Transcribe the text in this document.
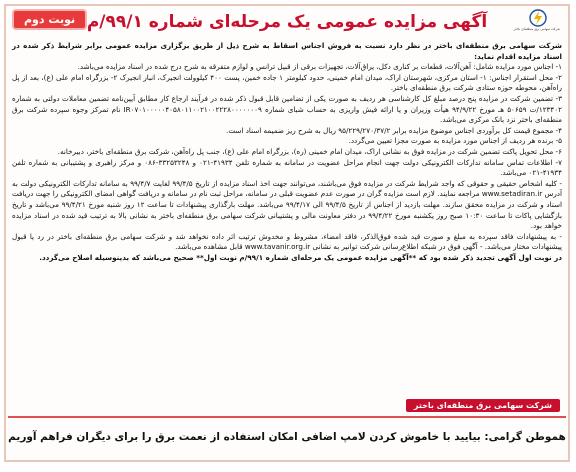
شرکت سهامی برق منطقه‌ای باختر
آگهی مزایده عمومی یک مرحله‌ای شماره ۹۹/۱/م
نوبت دوم

شرکت سهامی برق منطقه‌ای باختر در نظر دارد نسبت به فروش اجناس اسقاط به شرح ذیل از طریق برگزاری مزایده عمومی برابر شرایط ذکر شده در اسناد مزایده اقدام نماید:

۱- اجناس مورد مزایده شامل: آهن‌آلات، قطعات بر کناری دکل، یراق‌آلات، تجهیزات برقی از قبیل ترانس و لوازم متفرقه به شرح درج شده در اسناد مزایده می‌باشد.

۲- محل استقرار اجناس: ۱- استان مرکزی، شهرستان اراک، میدان امام خمینی، حدود کیلومتر ۱ جاده خمین، پست ۴۰۰ کیلوولت انجیرک، انبار انجیرک ۲- بزرگراه امام علی (ع)، بعد از پل راه‌آهن، محوطه حوزه ستادی شرکت برق منطقه‌ای باختر.

۳- تضمین شرکت در مزایده پنج درصد مبلغ کل کارشناسی هر ردیف به صورت یکی از تضامین قابل قبول ذکر شده در فرآیند ارجاع کار مطابق آیین‌نامه تضمین معاملات دولتی به شماره ۱۲۳۴۰۲/ت ۵۰۶۵۹ هـ مورخ ۹۴/۹/۲۲ هیأت وزیران و یا ارائه فیش واریزی به حساب شبای شماره IR۰۷۰۱۰۰۰۰۰۴۰۵۸۰۱۱۰۰۲۱۰۰۲۲۲۸۰۰۰۰۰۰۰۹ نام تمرکز وجوه سپرده شرکت برق منطقه‌ای باختر نزد بانک مرکزی می‌باشد.

۴- مجموع قیمت کل برآوردی اجناس موضوع مزایده برابر ۹۵/۲۲۹/۲۷۰/۳۷/۲ ریال به شرح ریز ضمیمه اسناد است.

۵- برنده هر ردیف از اجناس مورد مزایده به صورت مجزا تعیین می‌گردد.

۶- محل تحویل پاکت تضمین شرکت در مزایده فوق به نشانی اراک، میدان امام خمینی (ره)، بزرگراه امام علی (ع)، جنب پل راه‌آهن، شرکت برق منطقه‌ای باختر، دبیرخانه.

۷- اطلاعات تماس سامانه تدارکات الکترونیکی دولت جهت انجام مراحل عضویت در سامانه به شماره تلفن ۴۱۹۳۴-۰۲۱ و ۳۳۲۵۳۲۴۸-۰۸۶ و مرکز راهبری و پشتیبانی به شماره تلفن ۴۱۹۳۴-۰۲۱ می‌باشد.

- کلیه اشخاص حقیقی و حقوقی که واجد شرایط شرکت در مزایده فوق می‌باشند، می‌توانند جهت اخذ اسناد مزایده از تاریخ ۹۹/۴/۵ لغایت ۹۹/۴/۷ به سامانه تدارکات الکترونیکی دولت به آدرس www.setadiran.ir مراجعه نمایند. لازم است مزایده گران در صورت عدم عضویت قبلی در سامانه، مراحل ثبت نام در سامانه و دریافت گواهی امضای الکترونیکی را جهت دریافت اسناد و شرکت در مزایده محقق سازند. مهلت بازدید از اجناس از تاریخ ۹۹/۴/۵ الی ۹۹/۴/۱۷ می‌باشد. مهلت بارگذاری پیشنهادات تا ساعت ۱۲ روز شنبه مورخ ۹۹/۴/۲۱ می‌باشد و تاریخ بازگشایی پاکات تا ساعت ۱۰:۳۰ صبح روز یکشنبه مورخ ۹۹/۴/۲۲ در دفتر معاونت مالی و پشتیبانی شرکت سهامی برق منطقه‌ای باختر به نشانی بالا به ترتیب قید شده در اسناد مزایده خواهد بود.

- به پیشنهادات فاقد سپرده به مبلغ و صورت قید شده فوق‌الذکر، فاقد امضاء، مشروط و مخدوش ترتیب اثر داده نخواهد شد و شرکت سهامی برق منطقه‌ای باختر در رد یا قبول پیشنهادات مختار می‌باشد. - آگهی فوق در شبکه اطلاع‌رسانی شرکت توانیر به نشانی www.tavanir.org.ir قابل مشاهده می‌باشد.

در نوبت اول آگهی تجدید ذکر شده بود که **آگهی مزایده عمومی یک مرحله‌ای شماره ۹۹/۱/م نوبت اول** صحیح می‌باشد که بدینوسیله اصلاح می‌گردد.

شرکت سهامی برق منطقه‌ای باختر
هموطن گرامی: بیایید با خاموش کردن لامپ اضافی امکان استفاده از نعمت برق را برای دیگران فراهم آوریم
